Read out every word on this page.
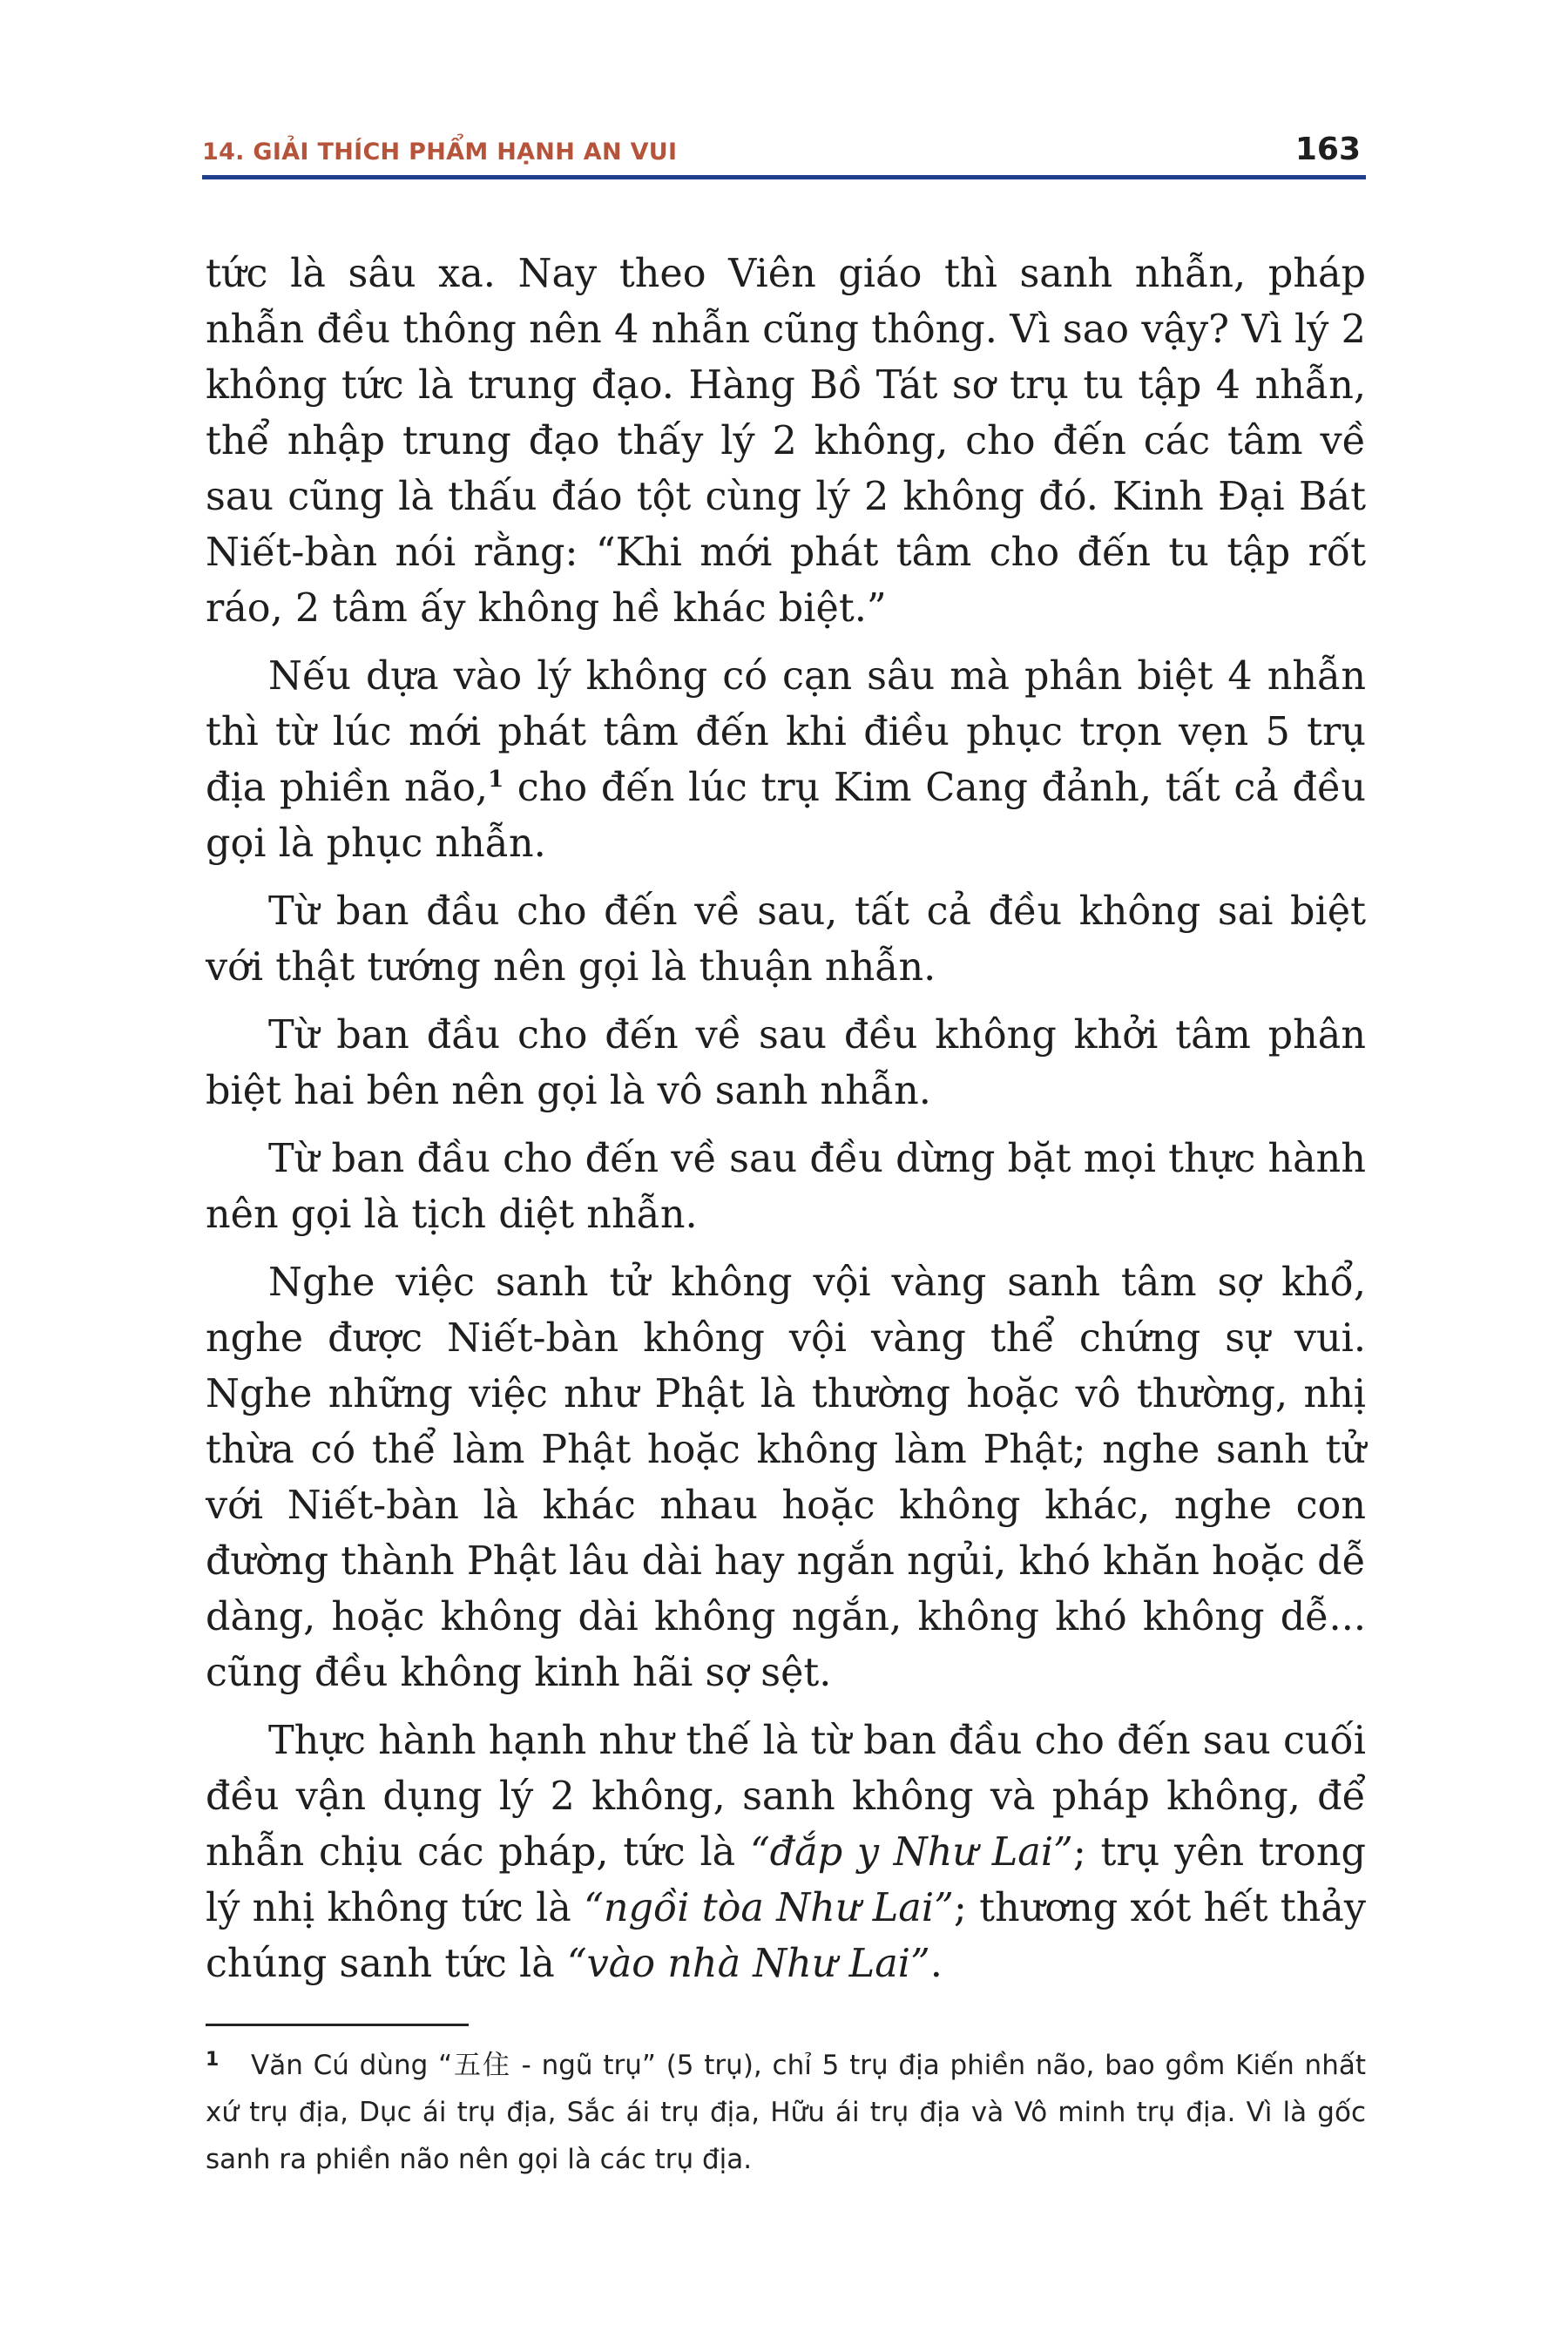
14. GIẢI THÍCH PHẨM HẠNH AN VUI	163

tức là sâu xa. Nay theo Viên giáo thì sanh nhẫn, pháp nhẫn đều thông nên 4 nhẫn cũng thông. Vì sao vậy? Vì lý 2 không tức là trung đạo. Hàng Bồ Tát sơ trụ tu tập 4 nhẫn, thể nhập trung đạo thấy lý 2 không, cho đến các tâm về sau cũng là thấu đáo tột cùng lý 2 không đó. Kinh Đại Bát Niết-bàn nói rằng: “Khi mới phát tâm cho đến tu tập rốt ráo, 2 tâm ấy không hề khác biệt.”

Nếu dựa vào lý không có cạn sâu mà phân biệt 4 nhẫn thì từ lúc mới phát tâm đến khi điều phục trọn vẹn 5 trụ địa phiền não,$^1$ cho đến lúc trụ Kim Cang đảnh, tất cả đều gọi là phục nhẫn.

Từ ban đầu cho đến về sau, tất cả đều không sai biệt với thật tướng nên gọi là thuận nhẫn.

Từ ban đầu cho đến về sau đều không khởi tâm phân biệt hai bên nên gọi là vô sanh nhẫn.

Từ ban đầu cho đến về sau đều dừng bặt mọi thực hành nên gọi là tịch diệt nhẫn.

Nghe việc sanh tử không vội vàng sanh tâm sợ khổ, nghe được Niết-bàn không vội vàng thể chứng sự vui. Nghe những việc như Phật là thường hoặc vô thường, nhị thừa có thể làm Phật hoặc không làm Phật; nghe sanh tử với Niết-bàn là khác nhau hoặc không khác, nghe con đường thành Phật lâu dài hay ngắn ngủi, khó khăn hoặc dễ dàng, hoặc không dài không ngắn, không khó không dễ... cũng đều không kinh hãi sợ sệt.

Thực hành hạnh như thế là từ ban đầu cho đến sau cuối đều vận dụng lý 2 không, sanh không và pháp không, để nhẫn chịu các pháp, tức là “đắp y Như Lai”; trụ yên trong lý nhị không tức là “ngồi tòa Như Lai”; thương xót hết thảy chúng sanh tức là “vào nhà Như Lai”.

1 Văn Cú dùng “五住 - ngũ trụ” (5 trụ), chỉ 5 trụ địa phiền não, bao gồm Kiến nhất xứ trụ địa, Dục ái trụ địa, Sắc ái trụ địa, Hữu ái trụ địa và Vô minh trụ địa. Vì là gốc sanh ra phiền não nên gọi là các trụ địa.
